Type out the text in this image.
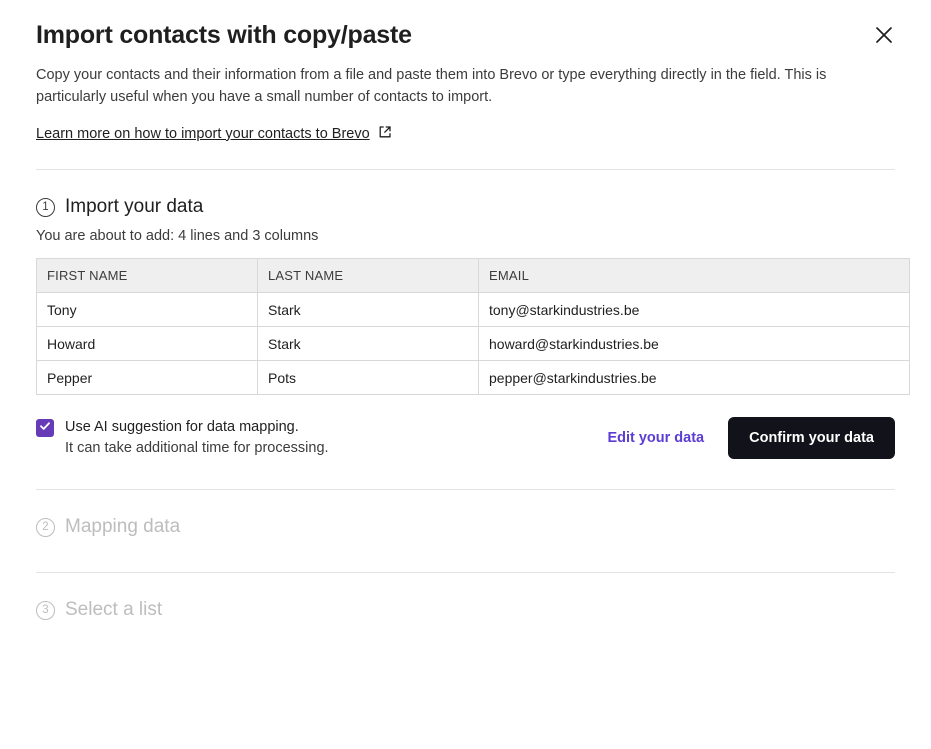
Import contacts with copy/paste

Copy your contacts and their information from a file and paste them into Brevo or type everything directly in the field. This is particularly useful when you have a small number of contacts to import.

Learn more on how to import your contacts to Brevo
1 Import your data

You are about to add: 4 lines and 3 columns

FIRST NAME	LAST NAME	EMAIL
Tony	Stark	tony@starkindustries.be
Howard	Stark	howard@starkindustries.be
Pepper	Pots	pepper@starkindustries.be
Use AI suggestion for data mapping.
It can take additional time for processing.
Edit your data	Confirm your data
2 Mapping data
3 Select a list
